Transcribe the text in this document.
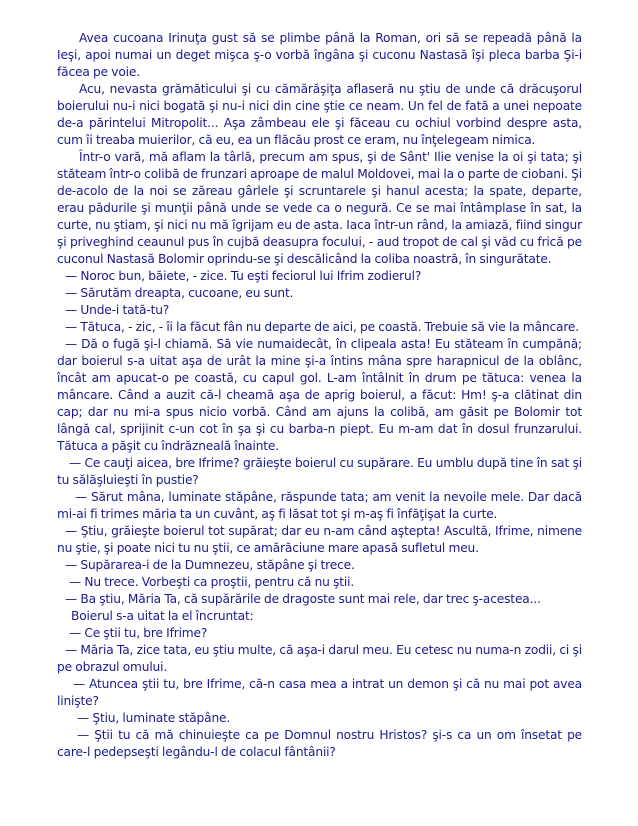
Avea cucoana Irinuţa gust să se plimbe până la Roman, ori să se repeadă până la Ieşi, apoi numai un deget mişca ş-o vorbă îngâna şi cuconu Nastasă îşi pleca barba Şi-i făcea pe voie.

Acu, nevasta grămăticului şi cu cămărăşiţa aflaseră nu ştiu de unde că drăcuşorul boierului nu-i nici bogată şi nu-i nici din cine ştie ce neam. Un fel de fată a unei nepoate de-a părintelui Mitropolit... Aşa zâmbeau ele şi făceau cu ochiul vorbind despre asta, cum îi treaba muierilor, că eu, ea un flăcău prost ce eram, nu înţelegeam nimica.

Într-o vară, mă aflam la târlă, precum am spus, şi de Sânt' Ilie venise la oi şi tata; şi stăteam într-o colibă de frunzari aproape de malul Moldovei, mai la o parte de ciobani. Şi de-acolo de la noi se zăreau gârlele şi scruntarele şi hanul acesta; la spate, departe, erau pădurile şi munţii până unde se vede ca o negură. Ce se mai întâmplase în sat, la curte, nu ştiam, şi nici nu mă îgrijam eu de asta. Iaca într-un rând, la amiază, fiind singur şi priveghind ceaunul pus în cujbă deasupra focului, - aud tropot de cal şi văd cu frică pe cuconul Nastasă Bolomir oprindu-se şi descălicând la coliba noastră, în singurătate.

— Noroc bun, băiete, - zice. Tu eşti feciorul lui Ifrim zodierul?

— Sărutăm dreapta, cucoane, eu sunt.

— Unde-i tată-tu?

— Tătuca, - zic, - îi la făcut fân nu departe de aici, pe coastă. Trebuie să vie la mâncare.

— Dă o fugă şi-l chiamă. Să vie numaidecât, în clipeala asta! Eu stăteam în cumpănă; dar boierul s-a uitat aşa de urât la mine şi-a întins mâna spre harapnicul de la oblânc, încât am apucat-o pe coastă, cu capul gol. L-am întâlnit în drum pe tătuca: venea la mâncare. Când a auzit că-l cheamă aşa de aprig boierul, a făcut: Hm! ş-a clătinat din cap; dar nu mi-a spus nicio vorbă. Când am ajuns la colibă, am găsit pe Bolomir tot lângă cal, sprijinit c-un cot în şa şi cu barba-n piept. Eu m-am dat în dosul frunzarului. Tătuca a păşit cu îndrăzneală înainte.

— Ce cauţi aicea, bre Ifrime? grăieşte boierul cu supărare. Eu umblu după tine în sat şi tu sălăşluieşti în pustie?

— Sărut mâna, luminate stăpâne, răspunde tata; am venit la nevoile mele. Dar dacă mi-ai fi trimes măria ta un cuvânt, aş fi lăsat tot şi m-aş fi înfăţişat la curte.

— Ştiu, grăieşte boierul tot supărat; dar eu n-am când aştepta! Ascultă, Ifrime, nimene nu ştie, şi poate nici tu nu ştii, ce amărăciune mare apasă sufletul meu.

— Supărarea-i de la Dumnezeu, stăpâne şi trece.

— Nu trece. Vorbeşti ca proştii, pentru că nu ştii.

— Ba ştiu, Măria Ta, că supărările de dragoste sunt mai rele, dar trec ş-acestea...

Boierul s-a uitat la el încruntat:

— Ce ştii tu, bre Ifrime?

— Măria Ta, zice tata, eu ştiu multe, că aşa-i darul meu. Eu cetesc nu numa-n zodii, ci şi pe obrazul omului.

— Atuncea ştii tu, bre Ifrime, că-n casa mea a intrat un demon şi că nu mai pot avea linişte?

— Ştiu, luminate stăpâne.

— Ştii tu că mă chinuieşte ca pe Domnul nostru Hristos? şi-s ca un om însetat pe care-l pedepseşti legându-l de colacul fântânii?
